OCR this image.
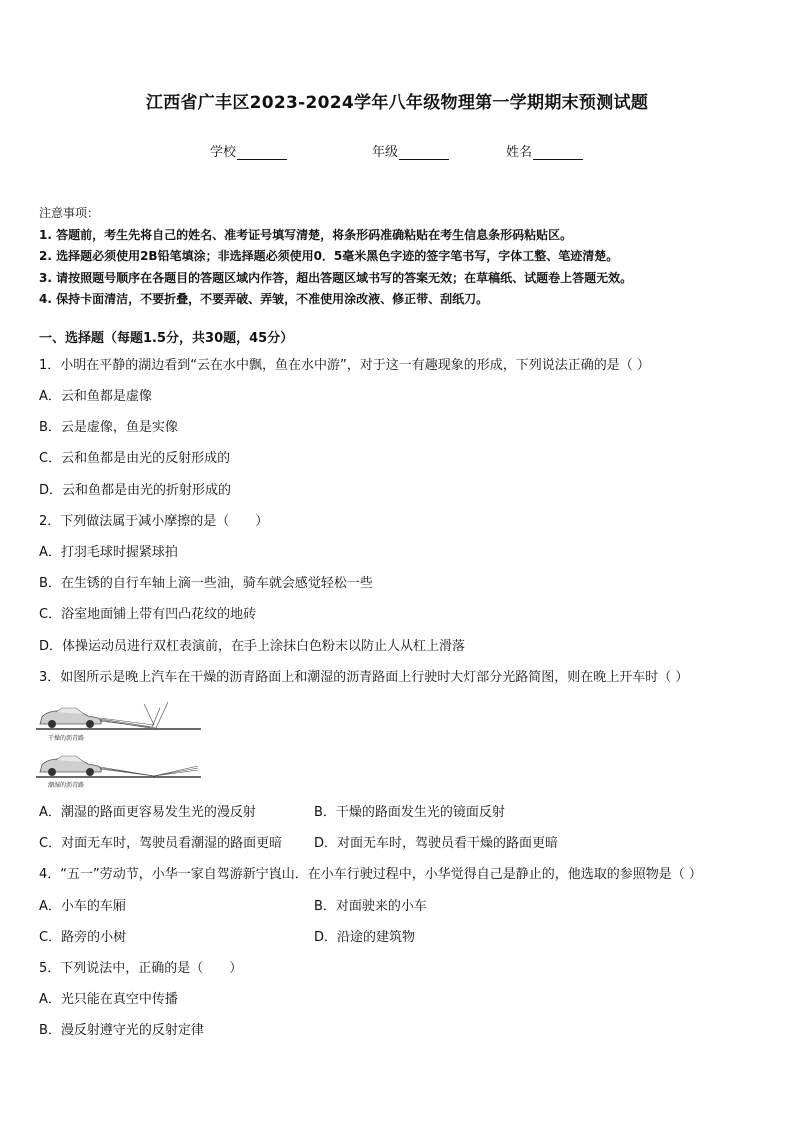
江西省广丰区2023-2024学年八年级物理第一学期期末预测试题
学校	年级	姓名
注意事项：
1. 答题前，考生先将自己的姓名、准考证号填写清楚，将条形码准确粘贴在考生信息条形码粘贴区。
2. 选择题必须使用2B铅笔填涂；非选择题必须使用0．5毫米黑色字迹的签字笔书写，字体工整、笔迹清楚。
3. 请按照题号顺序在各题目的答题区域内作答，超出答题区域书写的答案无效；在草稿纸、试题卷上答题无效。
4. 保持卡面清洁，不要折叠，不要弄破、弄皱，不准使用涂改液、修正带、刮纸刀。
一、选择题（每题1.5分，共30题，45分）
1．小明在平静的湖边看到“云在水中飘，鱼在水中游”，对于这一有趣现象的形成，下列说法正确的是（ ）
A．云和鱼都是虚像
B．云是虚像，鱼是实像
C．云和鱼都是由光的反射形成的
D．云和鱼都是由光的折射形成的
2．下列做法属于减小摩擦的是（　　）
A．打羽毛球时握紧球拍
B．在生锈的自行车轴上滴一些油，骑车就会感觉轻松一些
C．浴室地面铺上带有凹凸花纹的地砖
D．体操运动员进行双杠表演前，在手上涂抹白色粉末以防止人从杠上滑落
3．如图所示是晚上汽车在干燥的沥青路面上和潮湿的沥青路面上行驶时大灯部分光路简图，则在晚上开车时（ ）
干燥的沥青路
潮湿的沥青路
A．潮湿的路面更容易发生光的漫反射	B．干燥的路面发生光的镜面反射
C．对面无车时，驾驶员看潮湿的路面更暗 D．对面无车时，驾驶员看干燥的路面更暗
4．“五一”劳动节，小华一家自驾游新宁崀山．在小车行驶过程中，小华觉得自己是静止的，他选取的参照物是（ ）
A．小车的车厢	B．对面驶来的小车
C．路旁的小树	D．沿途的建筑物
5．下列说法中，正确的是（　　）
A．光只能在真空中传播
B．漫反射遵守光的反射定律
